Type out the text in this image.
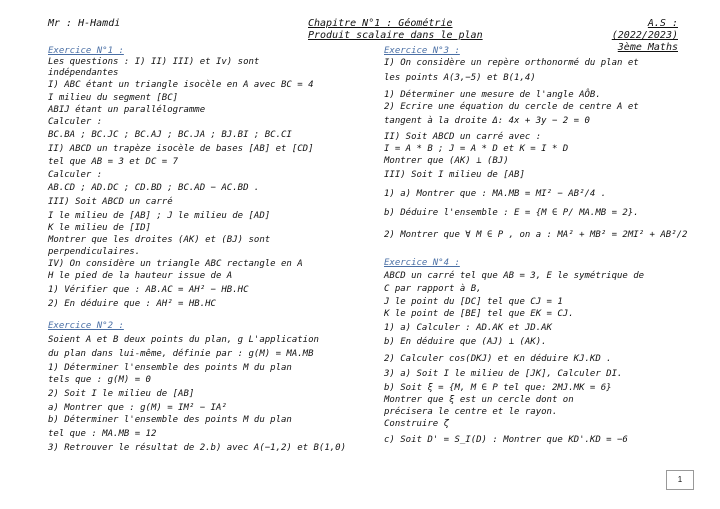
Mr : H-Hamdi	Chapitre N°1 : Géométrie
Produit scalaire dans le plan
A.S : (2022/2023)
3ème Maths
Exercice N°1 :
Les questions : I) II) III) et Iv) sont
indépendantes
I) ABC étant un triangle isocèle en A avec BC = 4
I milieu du segment [BC]
ABIJ étant un parallélogramme
Calculer :
BC.BA ; BC.JC ; BC.AJ ; BC.JA ; BJ.BI ; BC.CI
II) ABCD un trapèze isocèle de bases [AB] et [CD]
tel que AB = 3 et DC = 7
Calculer :
AB.CD ; AD.DC ; CD.BD ; BC.AD − AC.BD .
III) Soit ABCD un carré
I le milieu de [AB] ; J le milieu de [AD]
K le milieu de [ID]
Montrer que les droites (AK) et (BJ) sont
perpendiculaires.
IV) On considère un triangle ABC rectangle en A
H le pied de la hauteur issue de A
1) Vérifier que : AB.AC = AH² − HB.HC
2) En déduire que : AH² = HB.HC
Exercice N°2 :
Soient A et B deux points du plan, g L'application
du plan dans lui-même, définie par : g(M) = MA.MB
1) Déterminer l'ensemble des points M du plan
tels que : g(M) = 0
2) Soit I le milieu de [AB]
a) Montrer que : g(M) = IM² − IA²
b) Déterminer l'ensemble des points M du plan
tel que : MA.MB = 12
3) Retrouver le résultat de 2.b) avec A(−1,2) et B(1,0)
Exercice N°3 :
I) On considère un repère orthonormé du plan et
les points A(3,−5) et B(1,4)
1) Déterminer une mesure de l'angle AÔB.
2) Ecrire une équation du cercle de centre A et
tangent à la droite Δ: 4x + 3y − 2 = 0
II) Soit ABCD un carré avec :
I = A * B ; J = A * D et K = I * D
Montrer que (AK) ⊥ (BJ)
III) Soit I milieu de [AB]
1) a) Montrer que : MA.MB = MI² − AB²/4 .
b) Déduire l'ensemble : E = {M ∈ P/ MA.MB = 2}.
2) Montrer que ∀ M ∈ P , on a : MA² + MB² = 2MI² + AB²/2
Exercice N°4 :
ABCD un carré tel que AB = 3, E le symétrique de
C par rapport à B,
J le point du [DC] tel que CJ = 1
K le point de [BE] tel que EK = CJ.
1) a) Calculer : AD.AK et JD.AK
b) En déduire que (AJ) ⊥ (AK).
2) Calculer cos(DKJ) et en déduire KJ.KD .
3) a) Soit I le milieu de [JK], Calculer DI.
b) Soit ξ = {M, M ∈ P tel que: 2MJ.MK = 6}
Montrer que ξ est un cercle dont on
précisera le centre et le rayon.
Construire ζ
c) Soit D' = S_I(D) : Montrer que KD'.KD = −6
1
